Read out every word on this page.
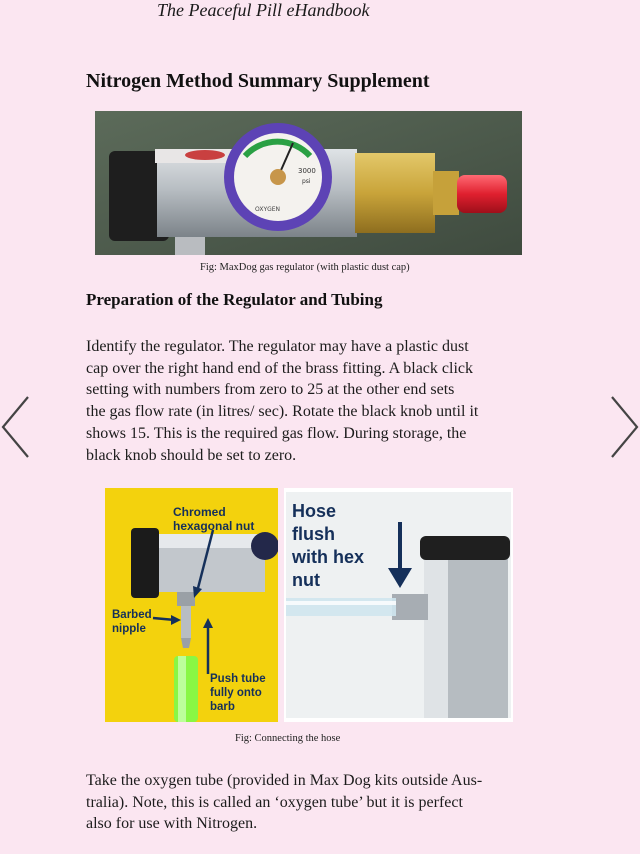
The Peaceful Pill eHandbook
Nitrogen Method Summary Supplement
3000
psi
OXYGEN
Fig: MaxDog gas regulator (with plastic dust cap)
Preparation of the Regulator and Tubing
Identify the regulator. The regulator may have a plastic dust
cap over the right hand end of the brass fitting. A black click
setting with numbers from zero to 25 at the other end sets
the gas flow rate (in litres/ sec). Rotate the black knob until it
shows 15. This is the required gas flow. During storage, the
black knob should be set to zero.
Chromed
hexagonal nut
Barbed
nipple
Push tube
fully onto
barb
Hose
flush
with hex
nut
Fig: Connecting the hose
Take the oxygen tube (provided in Max Dog kits outside Aus-
tralia). Note, this is called an ‘oxygen tube’ but it is perfect
also for use with Nitrogen.
